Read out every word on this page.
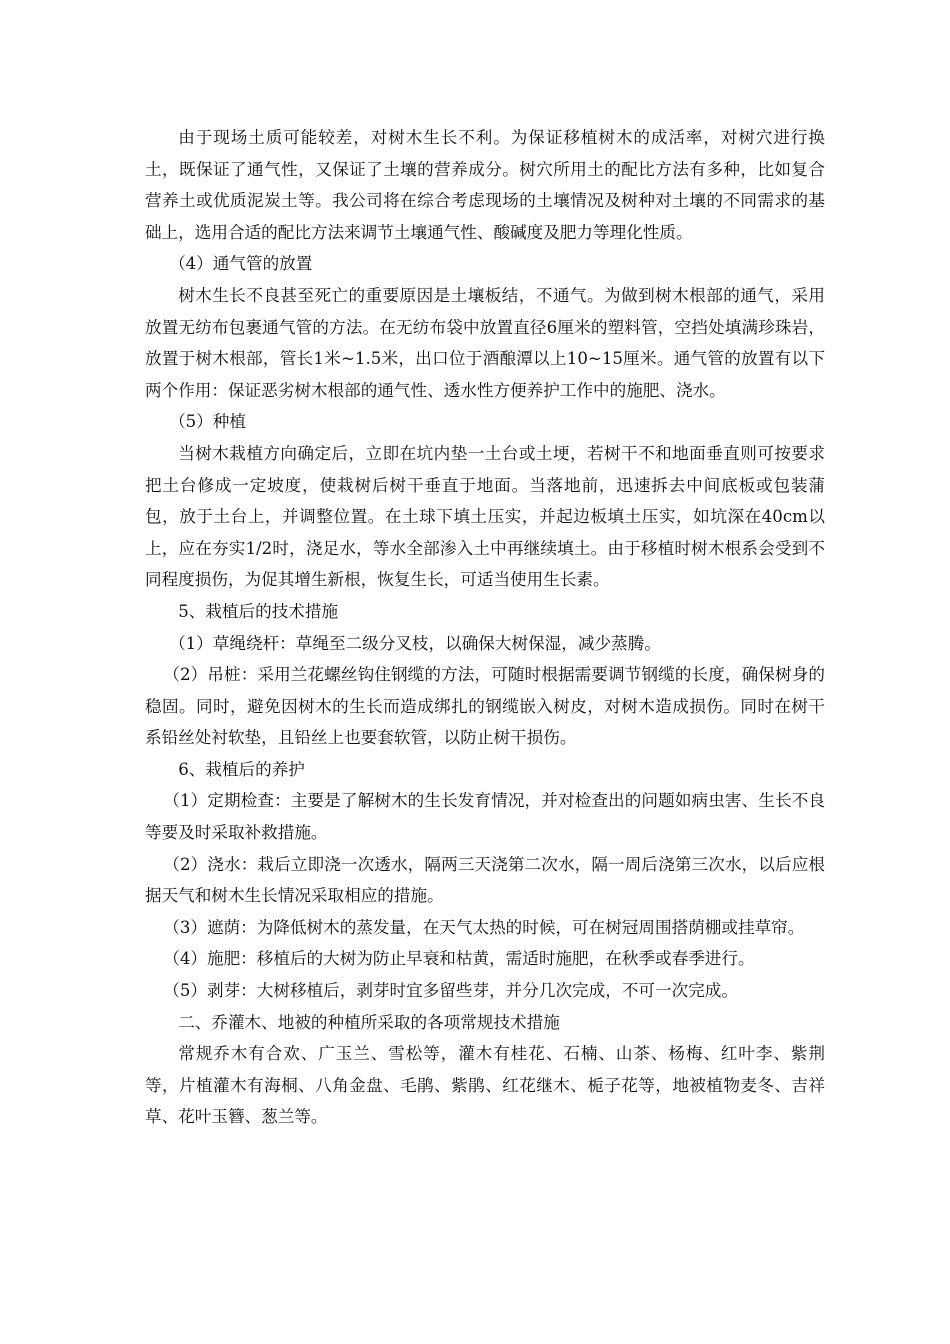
由于现场土质可能较差，对树木生长不利。为保证移植树木的成活率，对树穴进行换土，既保证了通气性，又保证了土壤的营养成分。树穴所用土的配比方法有多种，比如复合营养土或优质泥炭土等。我公司将在综合考虑现场的土壤情况及树种对土壤的不同需求的基础上，选用合适的配比方法来调节土壤通气性、酸碱度及肥力等理化性质。

（4）通气管的放置

树木生长不良甚至死亡的重要原因是土壤板结，不通气。为做到树木根部的通气，采用放置无纺布包裹通气管的方法。在无纺布袋中放置直径6厘米的塑料管，空挡处填满珍珠岩，放置于树木根部，管长1米~1.5米，出口位于酒酿潭以上10~15厘米。通气管的放置有以下两个作用：保证恶劣树木根部的通气性、透水性方便养护工作中的施肥、浇水。

（5）种植

当树木栽植方向确定后，立即在坑内垫一土台或土埂，若树干不和地面垂直则可按要求把土台修成一定坡度，使栽树后树干垂直于地面。当落地前，迅速拆去中间底板或包装蒲包，放于土台上，并调整位置。在土球下填土压实，并起边板填土压实，如坑深在40cm以上，应在夯实1/2时，浇足水，等水全部渗入土中再继续填土。由于移植时树木根系会受到不同程度损伤，为促其增生新根，恢复生长，可适当使用生长素。

5、栽植后的技术措施

（1）草绳绕杆：草绳至二级分叉枝，以确保大树保湿，减少蒸腾。

（2）吊桩：采用兰花螺丝钩住钢缆的方法，可随时根据需要调节钢缆的长度，确保树身的稳固。同时，避免因树木的生长而造成绑扎的钢缆嵌入树皮，对树木造成损伤。同时在树干系铅丝处衬软垫，且铅丝上也要套软管，以防止树干损伤。

6、栽植后的养护

（1）定期检查：主要是了解树木的生长发育情况，并对检查出的问题如病虫害、生长不良等要及时采取补救措施。

（2）浇水：栽后立即浇一次透水，隔两三天浇第二次水，隔一周后浇第三次水，以后应根据天气和树木生长情况采取相应的措施。

（3）遮荫：为降低树木的蒸发量，在天气太热的时候，可在树冠周围搭荫棚或挂草帘。

（4）施肥：移植后的大树为防止早衰和枯黄，需适时施肥，在秋季或春季进行。

（5）剥芽：大树移植后，剥芽时宜多留些芽，并分几次完成，不可一次完成。

二、乔灌木、地被的种植所采取的各项常规技术措施

常规乔木有合欢、广玉兰、雪松等，灌木有桂花、石楠、山茶、杨梅、红叶李、紫荆等，片植灌木有海桐、八角金盘、毛鹃、紫鹃、红花继木、栀子花等，地被植物麦冬、吉祥草、花叶玉簪、葱兰等。
